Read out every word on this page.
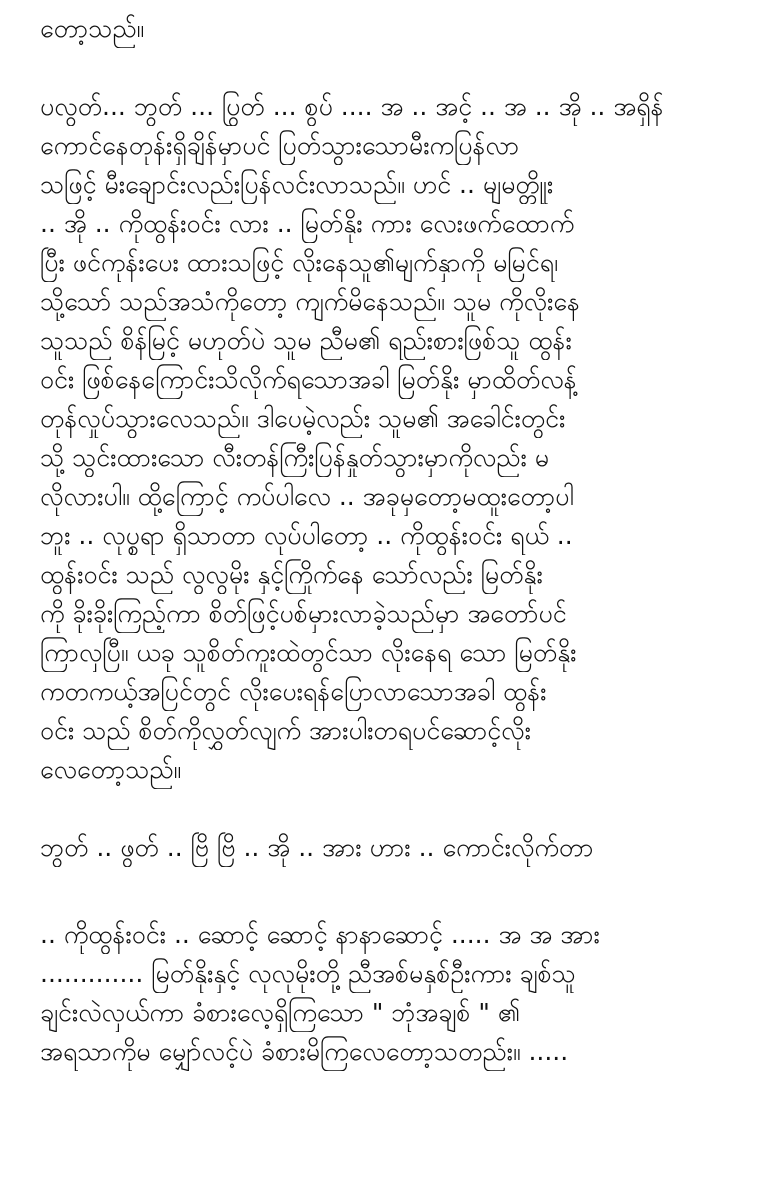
တော့သည်။
ပလွတ်... ဘွတ် ... ပြွတ် ... စွပ် .... အ .. အင့် .. အ .. အို .. အရှိန်
ကောင်နေတုန်းရှိချိန်မှာပင် ပြတ်သွားသောမီးကပြန်လာ
သဖြင့် မီးချောင်းလည်းပြန်လင်းလာသည်။ ဟင် .. မျမတ္တိုုး
.. အို .. ကိုထွန်းဝင်း လား .. မြတ်နိုး ကား လေးဖက်ထောက်
ပြီး ဖင်ကုန်းပေး ထားသဖြင့် လိုးနေသူ၏မျက်နှာကို မမြင်ရ၊
သို့သော် သည်အသံကိုတော့ ကျက်မိနေသည်။ သူမ ကိုလိုးနေ
သူသည် စိန်မြင့် မဟုတ်ပဲ သူမ ညီမ၏ ရည်းစားဖြစ်သူ ထွန်း
ဝင်း ဖြစ်နေကြောင်းသိလိုက်ရသောအခါ မြတ်နိုး မှာထိတ်လန့်
တုန်လှုပ်သွားလေသည်။ ဒါပေမဲ့လည်း သူမ၏ အခေါင်းတွင်း
သို့ သွင်းထားသော လီးတန်ကြီးပြန်နှုတ်သွားမှာကိုလည်း မ
လိုလားပါ။ ထို့ကြောင့် ကပ်ပါလေ .. အခုမှတော့မထူးတော့ပါ
ဘူး .. လုပ္စရာ ရှိသာတာ လုပ်ပါတော့ .. ကိုထွန်းဝင်း ရယ် ..
ထွန်းဝင်း သည် လွလွမိုး နှင့်ကြိုက်နေ သော်လည်း မြတ်နိုး
ကို ခိုးခိုးကြည့်ကာ စိတ်ဖြင့်ပစ်မှားလာခဲ့သည်မှာ အတော်ပင်
ကြာလှပြီ။ ယခု သူစိတ်ကူးထဲတွင်သာ လိုးနေရ သော မြတ်နိုး
ကတကယ့်အပြင်တွင် လိုးပေးရန်ပြောလာသောအခါ ထွန်း
ဝင်း သည် စိတ်ကိုလွှတ်လျက် အားပါးတရပင်ဆောင့်လိုး
လေတော့သည်။
ဘွတ် .. ဖွတ် .. ဗြိ ဗြိ .. အို .. အား ဟား .. ကောင်းလိုက်တာ
.. ကိုထွန်းဝင်း .. ဆောင့် ဆောင့် နာနာဆောင့် ..... အ အ အား
............. မြတ်နိုးနှင့် လုလုမိုးတို့ ညီအစ်မနှစ်ဦးကား ချစ်သူ
ချင်းလဲလှယ်ကာ ခံစားလေ့ရှိကြသော " ဘုံအချစ် " ၏
အရသာကိုမ မျှော်လင့်ပဲ ခံစားမိကြလေတော့သတည်း။ .....
